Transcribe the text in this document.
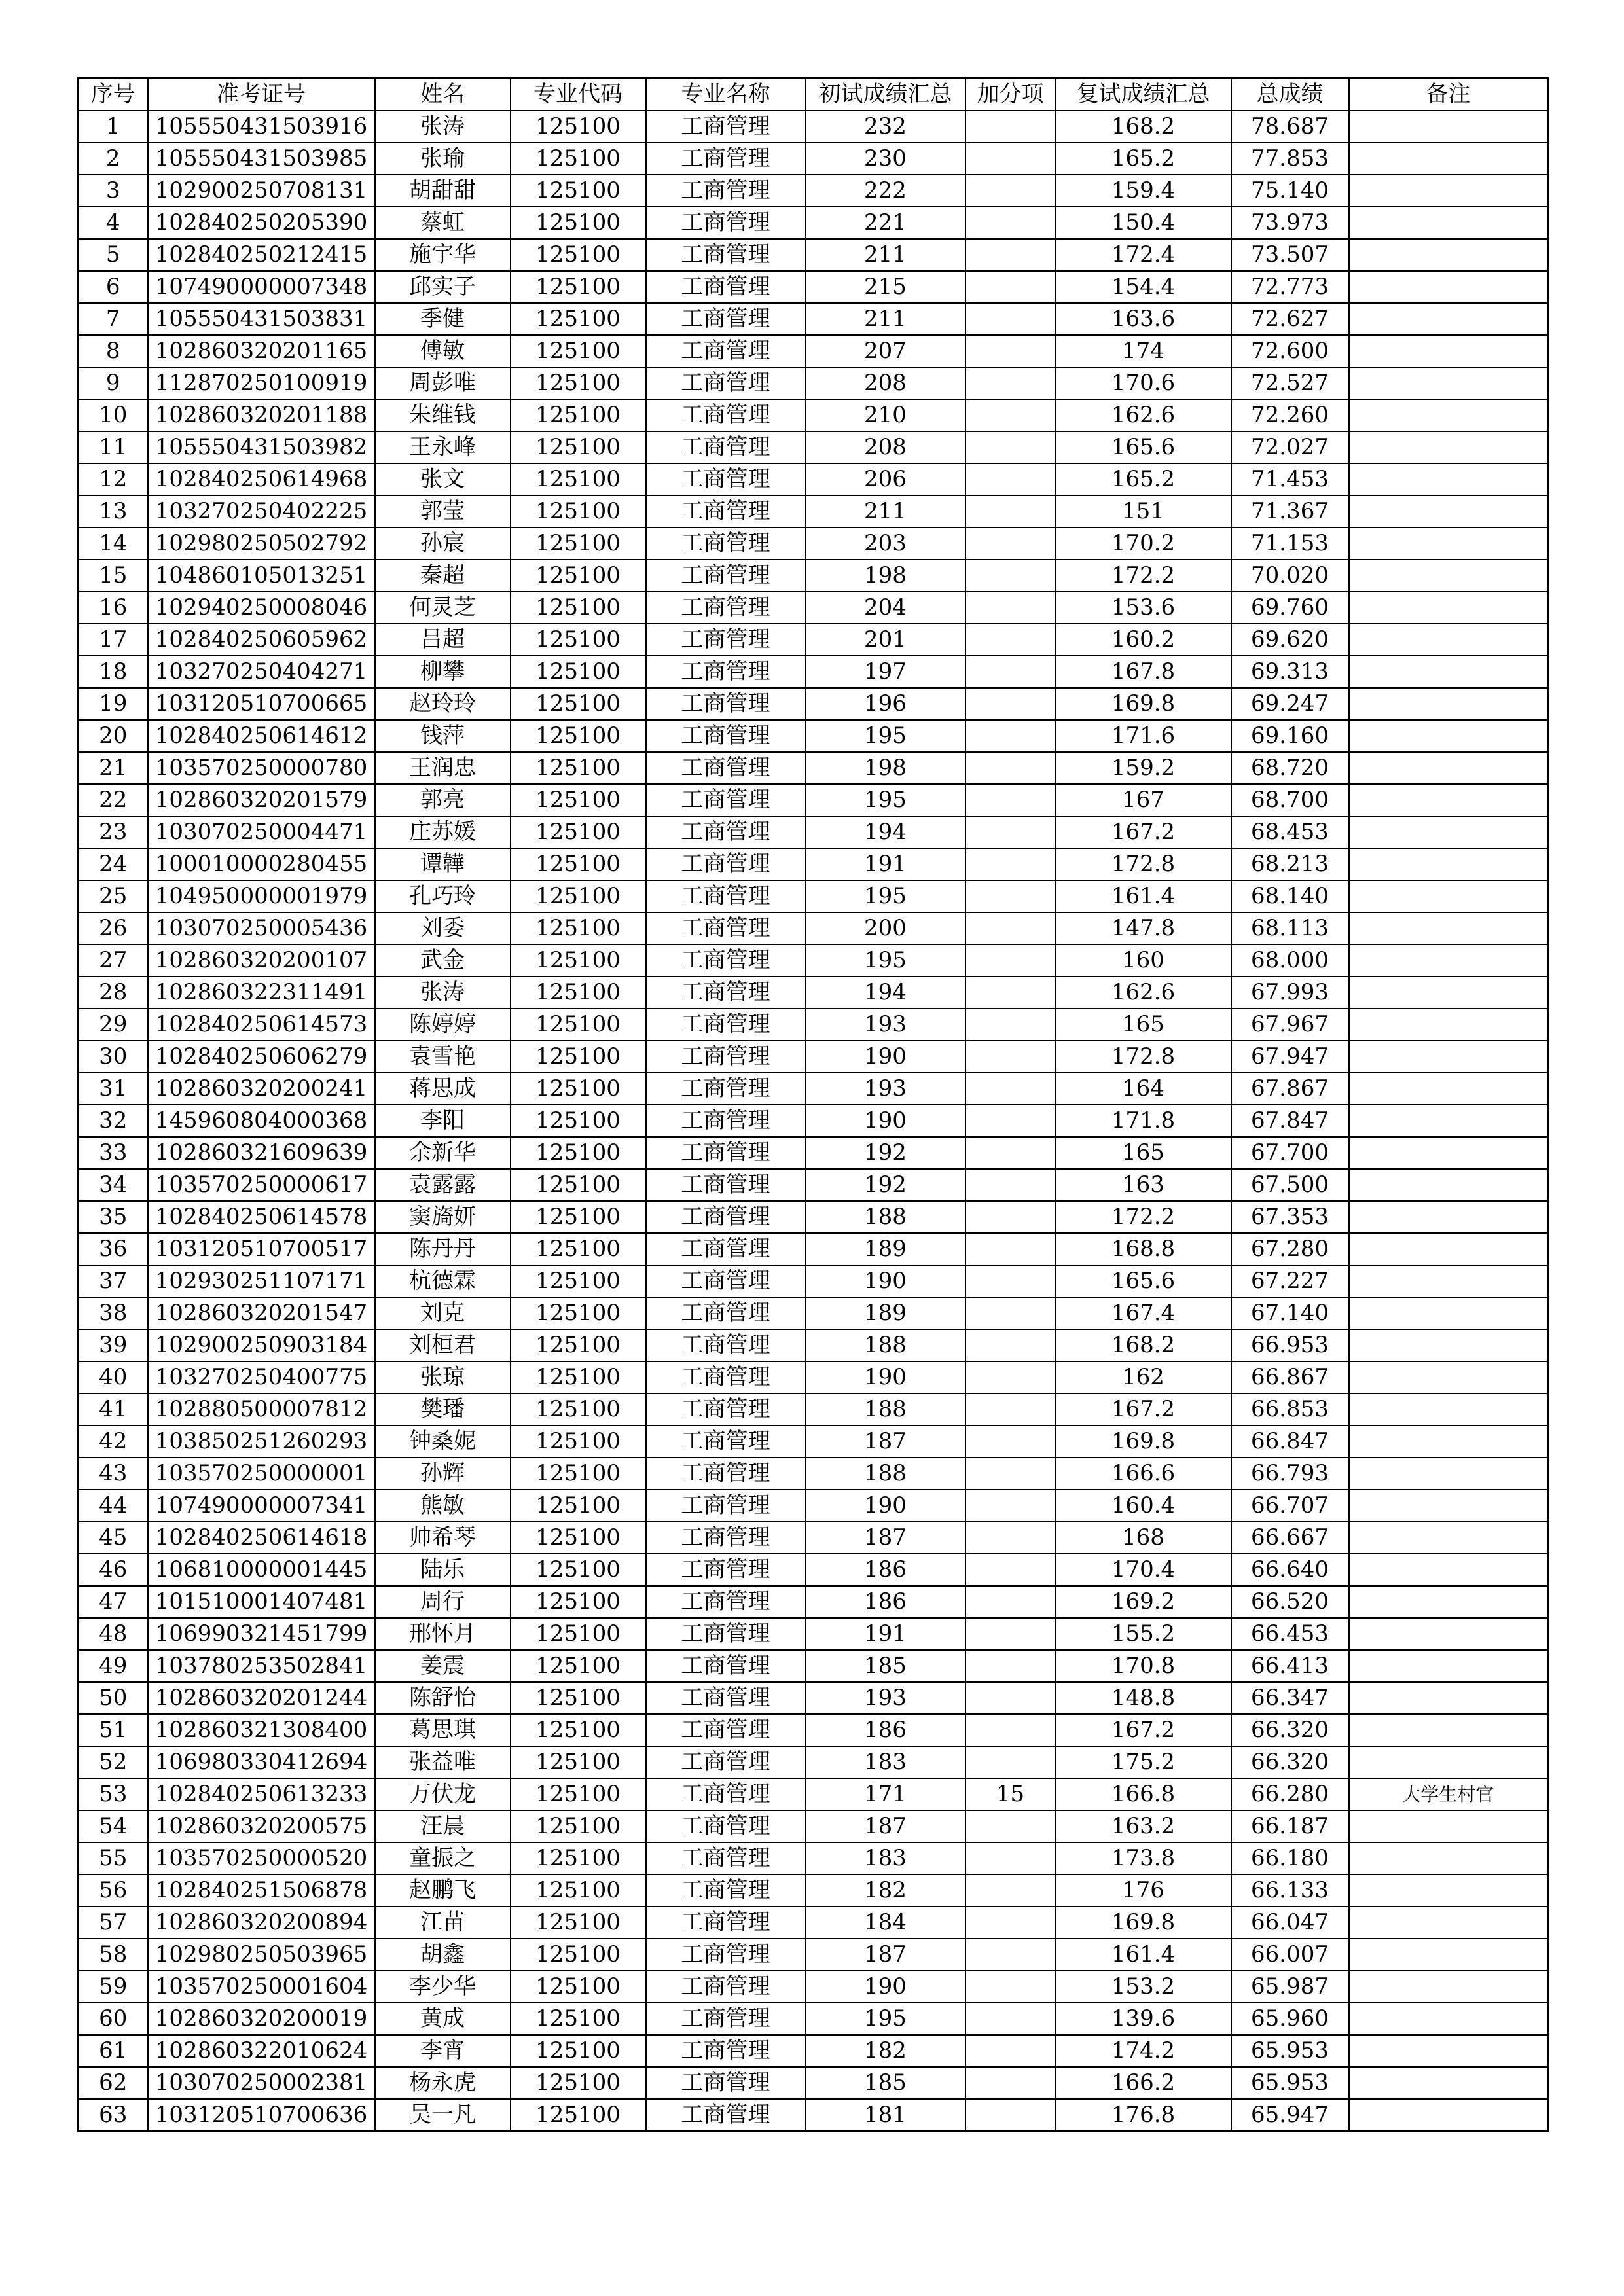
序号	准考证号	姓名	专业代码	专业名称	初试成绩汇总	加分项	复试成绩汇总	总成绩	备注
1	105550431503916	张涛	125100	工商管理	232		168.2	78.687	
2	105550431503985	张瑜	125100	工商管理	230		165.2	77.853	
3	102900250708131	胡甜甜	125100	工商管理	222		159.4	75.140	
4	102840250205390	蔡虹	125100	工商管理	221		150.4	73.973	
5	102840250212415	施宇华	125100	工商管理	211		172.4	73.507	
6	107490000007348	邱实子	125100	工商管理	215		154.4	72.773	
7	105550431503831	季健	125100	工商管理	211		163.6	72.627	
8	102860320201165	傅敏	125100	工商管理	207		174	72.600	
9	112870250100919	周彭唯	125100	工商管理	208		170.6	72.527	
10	102860320201188	朱维钱	125100	工商管理	210		162.6	72.260	
11	105550431503982	王永峰	125100	工商管理	208		165.6	72.027	
12	102840250614968	张文	125100	工商管理	206		165.2	71.453	
13	103270250402225	郭莹	125100	工商管理	211		151	71.367	
14	102980250502792	孙宸	125100	工商管理	203		170.2	71.153	
15	104860105013251	秦超	125100	工商管理	198		172.2	70.020	
16	102940250008046	何灵芝	125100	工商管理	204		153.6	69.760	
17	102840250605962	吕超	125100	工商管理	201		160.2	69.620	
18	103270250404271	柳攀	125100	工商管理	197		167.8	69.313	
19	103120510700665	赵玲玲	125100	工商管理	196		169.8	69.247	
20	102840250614612	钱萍	125100	工商管理	195		171.6	69.160	
21	103570250000780	王润忠	125100	工商管理	198		159.2	68.720	
22	102860320201579	郭亮	125100	工商管理	195		167	68.700	
23	103070250004471	庄苏媛	125100	工商管理	194		167.2	68.453	
24	100010000280455	谭韡	125100	工商管理	191		172.8	68.213	
25	104950000001979	孔巧玲	125100	工商管理	195		161.4	68.140	
26	103070250005436	刘委	125100	工商管理	200		147.8	68.113	
27	102860320200107	武金	125100	工商管理	195		160	68.000	
28	102860322311491	张涛	125100	工商管理	194		162.6	67.993	
29	102840250614573	陈婷婷	125100	工商管理	193		165	67.967	
30	102840250606279	袁雪艳	125100	工商管理	190		172.8	67.947	
31	102860320200241	蒋思成	125100	工商管理	193		164	67.867	
32	145960804000368	李阳	125100	工商管理	190		171.8	67.847	
33	102860321609639	余新华	125100	工商管理	192		165	67.700	
34	103570250000617	袁露露	125100	工商管理	192		163	67.500	
35	102840250614578	窦旖妍	125100	工商管理	188		172.2	67.353	
36	103120510700517	陈丹丹	125100	工商管理	189		168.8	67.280	
37	102930251107171	杭德霖	125100	工商管理	190		165.6	67.227	
38	102860320201547	刘克	125100	工商管理	189		167.4	67.140	
39	102900250903184	刘桓君	125100	工商管理	188		168.2	66.953	
40	103270250400775	张琼	125100	工商管理	190		162	66.867	
41	102880500007812	樊璠	125100	工商管理	188		167.2	66.853	
42	103850251260293	钟桑妮	125100	工商管理	187		169.8	66.847	
43	103570250000001	孙辉	125100	工商管理	188		166.6	66.793	
44	107490000007341	熊敏	125100	工商管理	190		160.4	66.707	
45	102840250614618	帅希琴	125100	工商管理	187		168	66.667	
46	106810000001445	陆乐	125100	工商管理	186		170.4	66.640	
47	101510001407481	周行	125100	工商管理	186		169.2	66.520	
48	106990321451799	邢怀月	125100	工商管理	191		155.2	66.453	
49	103780253502841	姜震	125100	工商管理	185		170.8	66.413	
50	102860320201244	陈舒怡	125100	工商管理	193		148.8	66.347	
51	102860321308400	葛思琪	125100	工商管理	186		167.2	66.320	
52	106980330412694	张益唯	125100	工商管理	183		175.2	66.320	
53	102840250613233	万伏龙	125100	工商管理	171	15	166.8	66.280	大学生村官
54	102860320200575	汪晨	125100	工商管理	187		163.2	66.187	
55	103570250000520	童振之	125100	工商管理	183		173.8	66.180	
56	102840251506878	赵鹏飞	125100	工商管理	182		176	66.133	
57	102860320200894	江苗	125100	工商管理	184		169.8	66.047	
58	102980250503965	胡鑫	125100	工商管理	187		161.4	66.007	
59	103570250001604	李少华	125100	工商管理	190		153.2	65.987	
60	102860320200019	黄成	125100	工商管理	195		139.6	65.960	
61	102860322010624	李宵	125100	工商管理	182		174.2	65.953	
62	103070250002381	杨永虎	125100	工商管理	185		166.2	65.953	
63	103120510700636	吴一凡	125100	工商管理	181		176.8	65.947	
